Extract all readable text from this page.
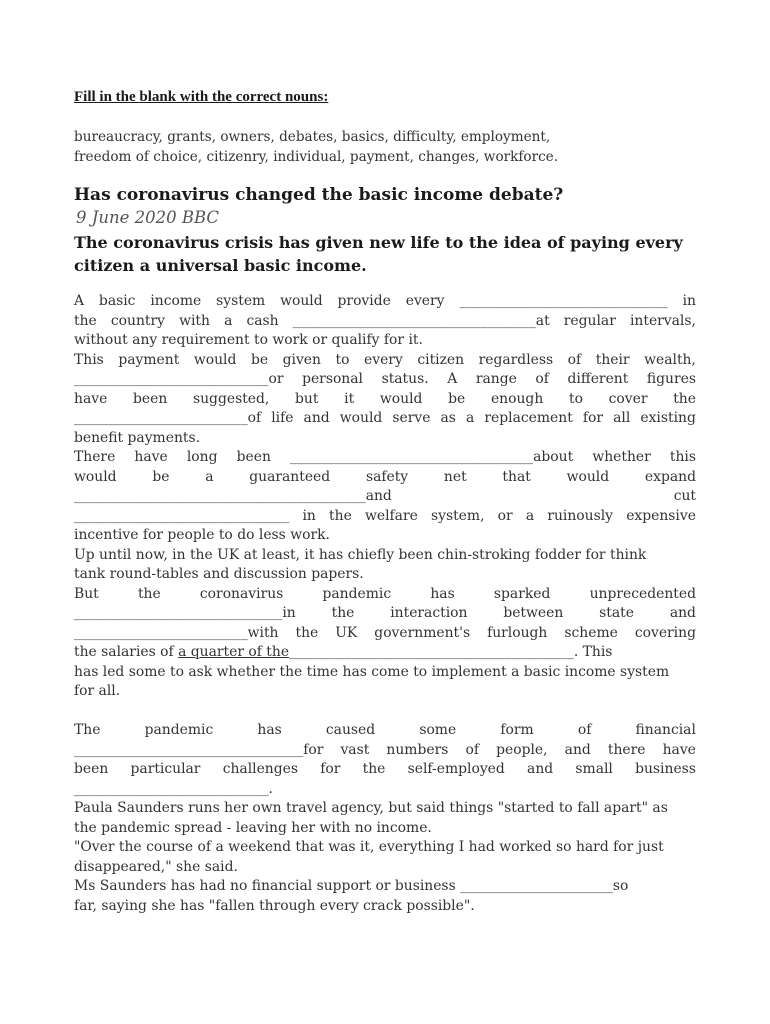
Fill in the blank with the correct nouns:

bureaucracy, grants, owners, debates, basics, difficulty, employment,
freedom of choice, citizenry, individual, payment, changes, workforce.
Has coronavirus changed the basic income debate?
9 June 2020 BBC
The coronavirus crisis has given new life to the idea of paying every
citizen a universal basic income.
A basic income system would provide every ______________________________ in
the country with a cash ___________________________________at regular intervals,
without any requirement to work or qualify for it.
This payment would be given to every citizen regardless of their wealth,
____________________________or personal status. A range of different figures
have been suggested, but it would be enough to cover the
_________________________of life and would serve as a replacement for all existing
benefit payments.
There have long been ___________________________________about whether this
would	be	a	guaranteed	safety	net	that	would	expand
__________________________________________and	cut
_______________________________ in the welfare system, or a ruinously expensive
incentive for people to do less work.
Up until now, in the UK at least, it has chiefly been chin-stroking fodder for think
tank round-tables and discussion papers.
But	the	coronavirus	pandemic	has	sparked	unprecedented
______________________________in	the	interaction	between	state	and
_________________________with the UK government's furlough scheme covering
the salaries of a quarter of the_________________________________________. This
has led some to ask whether the time has come to implement a basic income system
for all.
The	pandemic	has	caused	some	form	of	financial
_________________________________for vast numbers of people, and there have
been particular challenges for the self-employed and small business
____________________________.
Paula Saunders runs her own travel agency, but said things "started to fall apart" as
the pandemic spread - leaving her with no income.
"Over the course of a weekend that was it, everything I had worked so hard for just
disappeared," she said.
Ms Saunders has had no financial support or business ______________________so
far, saying she has "fallen through every crack possible".
